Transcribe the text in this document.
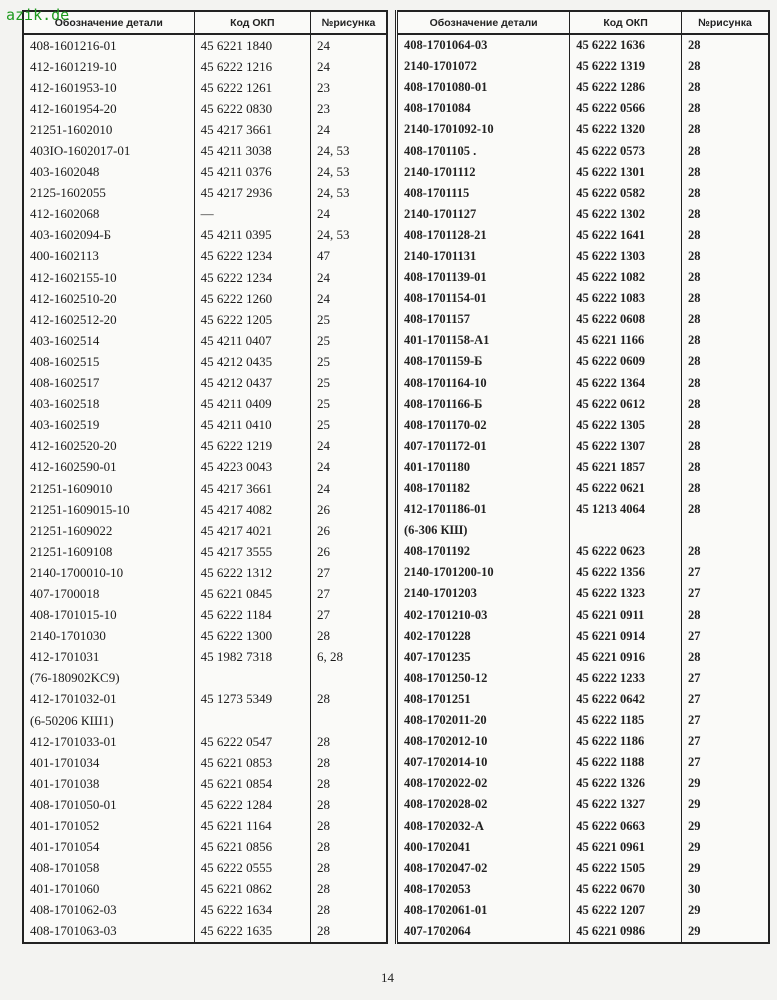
azik.de
Обозначение детали	Код ОКП	№рисунка
408-1601216-01	45 6221 1840	24
412-1601219-10	45 6222 1216	24
412-1601953-10	45 6222 1261	23
412-1601954-20	45 6222 0830	23
21251-1602010	45 4217 3661	24
403IO-1602017-01	45 4211 3038	24, 53
403-1602048	45 4211 0376	24, 53
2125-1602055	45 4217 2936	24, 53
412-1602068	—	24
403-1602094-Б	45 4211 0395	24, 53
400-1602113	45 6222 1234	47
412-1602155-10	45 6222 1234	24
412-1602510-20	45 6222 1260	24
412-1602512-20	45 6222 1205	25
403-1602514	45 4211 0407	25
408-1602515	45 4212 0435	25
408-1602517	45 4212 0437	25
403-1602518	45 4211 0409	25
403-1602519	45 4211 0410	25
412-1602520-20	45 6222 1219	24
412-1602590-01	45 4223 0043	24
21251-1609010	45 4217 3661	24
21251-1609015-10	45 4217 4082	26
21251-1609022	45 4217 4021	26
21251-1609108	45 4217 3555	26
2140-1700010-10	45 6222 1312	27
407-1700018	45 6221 0845	27
408-1701015-10	45 6222 1184	27
2140-1701030	45 6222 1300	28
412-1701031	45 1982 7318	6, 28
(76-180902KC9)		
412-1701032-01	45 1273 5349	28
(6-50206 КШ1)		
412-1701033-01	45 6222 0547	28
401-1701034	45 6221 0853	28
401-1701038	45 6221 0854	28
408-1701050-01	45 6222 1284	28
401-1701052	45 6221 1164	28
401-1701054	45 6221 0856	28
408-1701058	45 6222 0555	28
401-1701060	45 6221 0862	28
408-1701062-03	45 6222 1634	28
408-1701063-03	45 6222 1635	28
Обозначение детали	Код ОКП	№рисунка
408-1701064-03	45 6222 1636	28
2140-1701072	45 6222 1319	28
408-1701080-01	45 6222 1286	28
408-1701084	45 6222 0566	28
2140-1701092-10	45 6222 1320	28
408-1701105 .	45 6222 0573	28
2140-1701112	45 6222 1301	28
408-1701115	45 6222 0582	28
2140-1701127	45 6222 1302	28
408-1701128-21	45 6222 1641	28
2140-1701131	45 6222 1303	28
408-1701139-01	45 6222 1082	28
408-1701154-01	45 6222 1083	28
408-1701157	45 6222 0608	28
401-1701158-A1	45 6221 1166	28
408-1701159-Б	45 6222 0609	28
408-1701164-10	45 6222 1364	28
408-1701166-Б	45 6222 0612	28
408-1701170-02	45 6222 1305	28
407-1701172-01	45 6222 1307	28
401-1701180	45 6221 1857	28
408-1701182	45 6222 0621	28
412-1701186-01	45 1213 4064	28
(6-306 КШ)		
408-1701192	45 6222 0623	28
2140-1701200-10	45 6222 1356	27
2140-1701203	45 6222 1323	27
402-1701210-03	45 6221 0911	28
402-1701228	45 6221 0914	27
407-1701235	45 6221 0916	28
408-1701250-12	45 6222 1233	27
408-1701251	45 6222 0642	27
408-1702011-20	45 6222 1185	27
408-1702012-10	45 6222 1186	27
407-1702014-10	45 6222 1188	27
408-1702022-02	45 6222 1326	29
408-1702028-02	45 6222 1327	29
408-1702032-A	45 6222 0663	29
400-1702041	45 6221 0961	29
408-1702047-02	45 6222 1505	29
408-1702053	45 6222 0670	30
408-1702061-01	45 6222 1207	29
407-1702064	45 6221 0986	29
14
